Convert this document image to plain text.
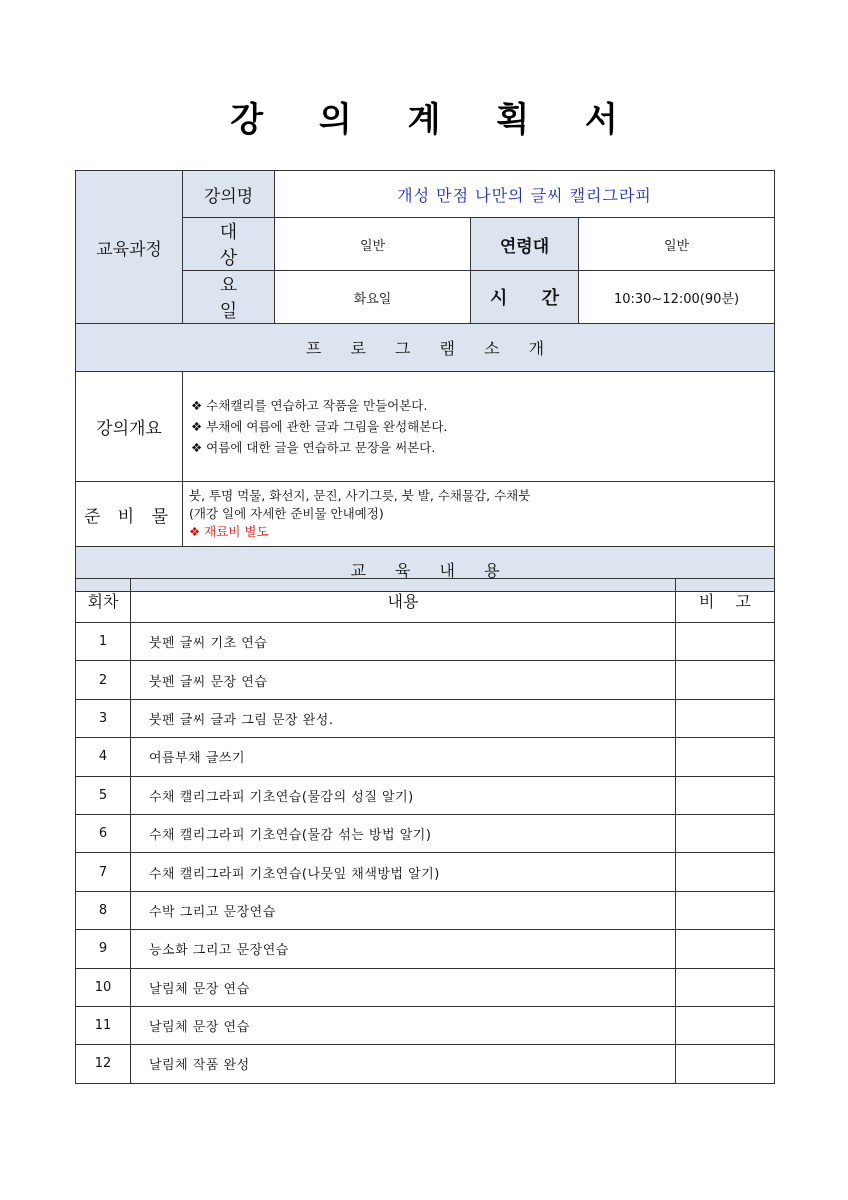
강 의 계 획 서
교육과정	강의명	개성 만점 나만의 글씨 캘리그라피		
	대 상	일반	연령대	일반
	요 일	화요일	시 간	10:30~12:00(90분)
프 로 그 램 소 개				
강의개요	❖ 수채캘리를 연습하고 작품을 만들어본다.
❖ 부채에 여름에 관한 글과 그림을 완성해본다.
❖ 여름에 대한 글을 연습하고 문장을 써본다.			

준 비 물	붓, 투명 먹물, 화선지, 문진, 사기그릇, 붓 발, 수채물감, 수채붓
(개강 일에 자세한 준비물 안내예정)
❖ 재료비 별도			

교 육 내 용				
회차	내용	비 고
1	붓펜 글씨 기초 연습	
2	붓펜 글씨 문장 연습	
3	붓펜 글씨 글과 그림 문장 완성.	
4	여름부채 글쓰기	
5	수채 캘리그라피 기초연습(물감의 성질 알기)	
6	수채 캘리그라피 기초연습(물감 섞는 방법 알기)	
7	수채 캘리그라피 기초연습(나뭇잎 채색방법 알기)	
8	수박 그리고 문장연습	
9	능소화 그리고 문장연습	
10	날림체 문장 연습	
11	날림체 문장 연습	
12	날림체 작품 완성	
